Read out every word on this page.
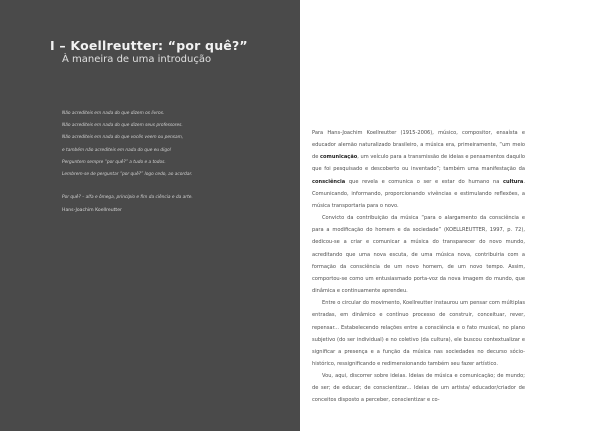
I – Koellreutter: “por quê?”
À maneira de uma introdução
Não acrediteis em nada do que dizem os livros.
Não acrediteis em nada do que dizem seus professores.
Não acrediteis em nada do que vocês veem ou pensam,
e também não acrediteis em nada do que eu digo!
Perguntem sempre “por quê?” a tudo e a todos.
Lembrem-se de perguntar “por quê?” logo cedo, ao acordar.
Por quê? – alfa e ômega, princípio e fim da ciência e da arte.
Hans-Joachim Koellreutter

Para Hans-Joachim Koellreutter (1915-2006), músico, compositor, ensaísta e educador alemão naturalizado brasileiro, a música era, primeiramente, “um meio de comunicação, um veículo para a transmissão de ideias e pensamentos daquilo que foi pesquisado e descoberto ou inventado”; também uma manifestação da consciência que revela e comunica o ser e estar do humano na cultura. Comunicando, informando, proporcionando vivências e estimulando reflexões, a música transportaria para o novo.

Convicto da contribuição da música “para o alargamento da consciência e para a modificação do homem e da sociedade” (KOELLREUTTER, 1997, p. 72), dedicou-se a criar e comunicar a música do transparecer do novo mundo, acreditando que uma nova escuta, de uma música nova, contribuiria com a formação da consciência de um novo homem, de um novo tempo. Assim, comportou-se como um entusiasmado porta-voz da nova imagem do mundo, que dinâmica e continuamente aprendeu.

Entre o circular do movimento, Koellreutter instaurou um pensar com múltiplas entradas, em dinâmico e contínuo processo de construir, conceituar, rever, repensar... Estabelecendo relações entre a consciência e o fato musical, no plano subjetivo (do ser individual) e no coletivo (da cultura), ele buscou contextualizar e significar a presença e a função da música nas sociedades no decurso sócio-histórico, ressignificando e redimensionando também seu fazer artístico.

Vou, aqui, discorrer sobre ideias. Ideias de música e comunicação; de mundo; de ser; de educar; de conscientizar... Ideias de um artista/ educador/criador de conceitos disposto a perceber, conscientizar e co-
